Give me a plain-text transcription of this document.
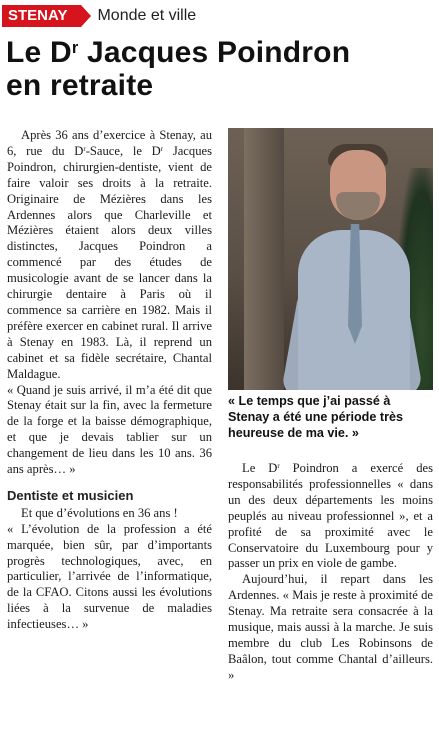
STENAY	Monde et ville
Le $D^r$ Jacques Poindron
en retraite

Après 36 ans d’exercice à Stenay, au 6, rue du $D^r$-Sauce, le $D^r$ Jacques Poindron, chirurgien-dentiste, vient de faire valoir ses droits à la retraite. Originaire de Mézières dans les Ardennes alors que Charleville et Mézières étaient alors deux villes distinctes, Jacques Poindron a commencé par des études de musicologie avant de se lancer dans la chirurgie dentaire à Paris où il commence sa carrière en 1982. Mais il préfère exercer en cabinet rural. Il arrive à Stenay en 1983. Là, il reprend un cabinet et sa fidèle secrétaire, Chantal Maldague.

« Quand je suis arrivé, il m’a été dit que Stenay était sur la fin, avec la fermeture de la forge et la baisse démographique, et que je devais tablier sur un changement de lieu dans les 10 ans. 36 ans après… »

Dentiste et musicien

Et que d’évolutions en 36 ans !

« L’évolution de la profession a été marquée, bien sûr, par d’importants progrès technologiques, avec, en particulier, l’arrivée de l’informatique, de la CFAO. Citons aussi les évolutions liées à la survenue de maladies infectieuses… »

« Le temps que j’ai passé à Stenay a été une période très heureuse de ma vie. »

Le $D^r$ Poindron a exercé des responsabilités professionnelles « dans un des deux départements les moins peuplés au niveau professionnel », et a profité de sa proximité avec le Conservatoire du Luxembourg pour y passer un prix en viole de gambe.

Aujourd’hui, il repart dans les Ardennes. « Mais je reste à proximité de Stenay. Ma retraite sera consacrée à la musique, mais aussi à la marche. Je suis membre du club Les Robinsons de Baâlon, tout comme Chantal d’ailleurs. »
